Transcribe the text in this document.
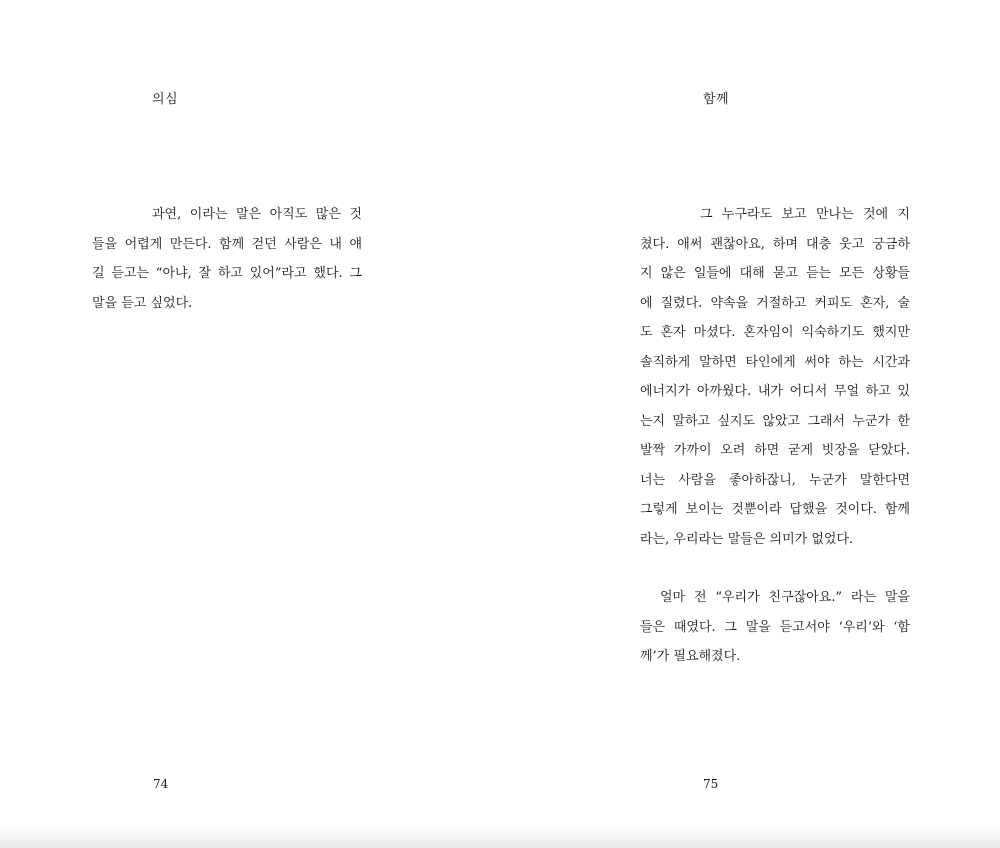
의심
과연, 이라는 말은 아직도 많은 것
들을 어렵게 만든다. 함께 걷던 사람은 내 얘
길 듣고는 “아냐, 잘 하고 있어”라고 했다. 그
말을 듣고 싶었다.
74
함께
그 누구라도 보고 만나는 것에 지
쳤다. 애써 괜찮아요, 하며 대충 웃고 궁금하
지 않은 일들에 대해 묻고 듣는 모든 상황들
에 질렸다. 약속을 거절하고 커피도 혼자, 술
도 혼자 마셨다. 혼자임이 익숙하기도 했지만
솔직하게 말하면 타인에게 써야 하는 시간과
에너지가 아까웠다. 내가 어디서 무얼 하고 있
는지 말하고 싶지도 않았고 그래서 누군가 한
발짝 가까이 오려 하면 굳게 빗장을 닫았다.
너는 사람을 좋아하잖니, 누군가 말한다면
그렇게 보이는 것뿐이라 답했을 것이다. 함께
라는, 우리라는 말들은 의미가 없었다.
얼마 전 “우리가 친구잖아요.” 라는 말을
들은 때였다. 그 말을 듣고서야 ‘우리’와 ‘함
께’가 필요해졌다.
75
